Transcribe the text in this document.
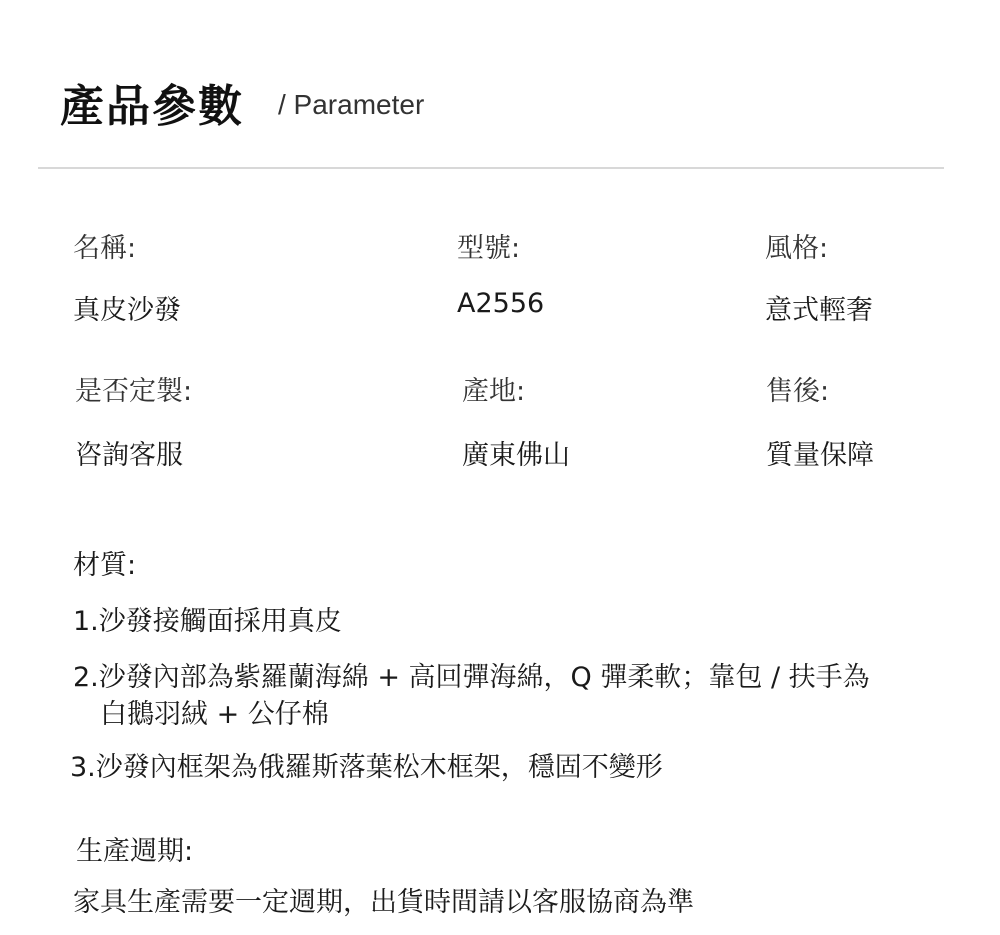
產品參數 / Parameter
名稱:
真皮沙發
型號:
A2556
風格:
意式輕奢
是否定製:
咨詢客服
產地:
廣東佛山
售後:
質量保障
材質:
1.沙發接觸面採用真皮
2.沙發內部為紫羅蘭海綿 + 高回彈海綿，Q 彈柔軟；靠包 / 扶手為
白鵝羽絨 + 公仔棉
3.沙發內框架為俄羅斯落葉松木框架，穩固不變形
生產週期:
家具生產需要一定週期，出貨時間請以客服協商為準
